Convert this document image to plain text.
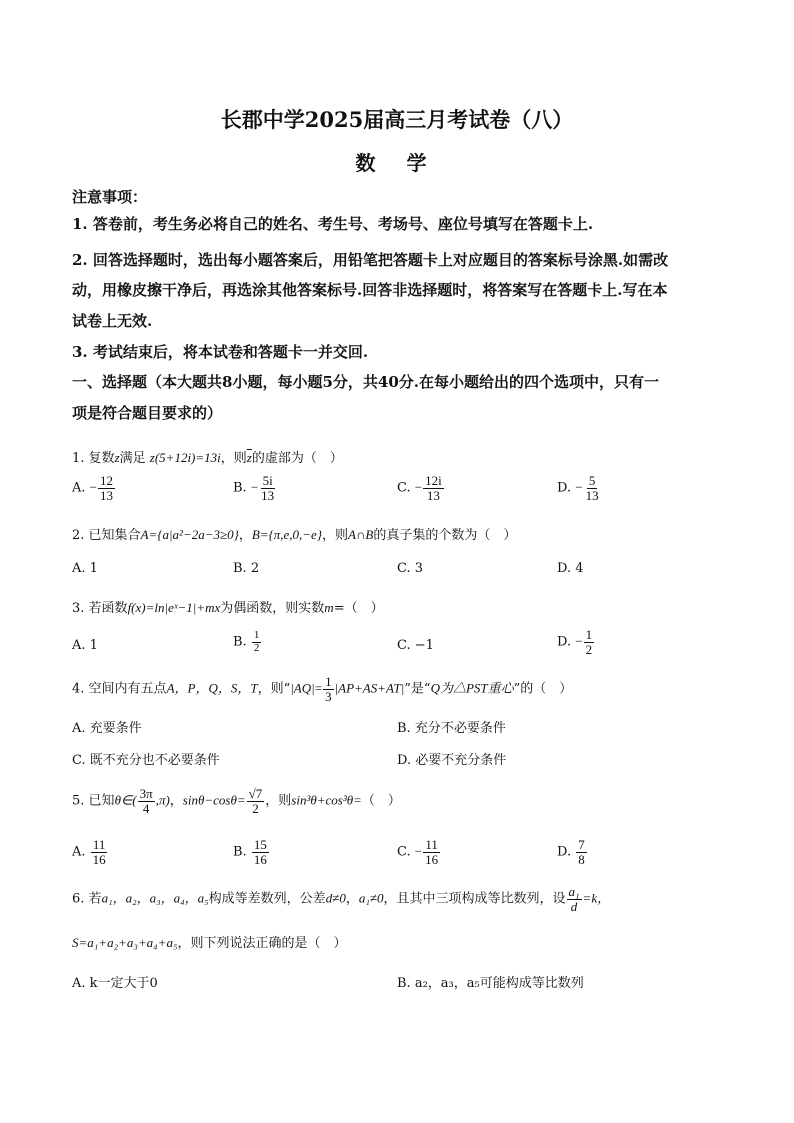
长郡中学2025届高三月考试卷（八）
数 学
注意事项：
1. 答卷前，考生务必将自己的姓名、考生号、考场号、座位号填写在答题卡上.
2. 回答选择题时，选出每小题答案后，用铅笔把答题卡上对应题目的答案标号涂黑.如需改
动，用橡皮擦干净后，再选涂其他答案标号.回答非选择题时，将答案写在答题卡上.写在本
试卷上无效.
3. 考试结束后，将本试卷和答题卡一并交回.
一、选择题（本大题共8小题，每小题5分，共40分.在每小题给出的四个选项中，只有一
项是符合题目要求的）
1. 复数z满足 z(5+12i)=13i，则$\overline{z}$的虚部为（　）
A. − $\frac{12}{13}$	B. − $\frac{5i}{13}$	C. − $\frac{12i}{13}$	D. − $\frac{5}{13}$
2. 已知集合A={a|a²−2a−3≥0}，B={π,e,0,−e}，则A∩B的真子集的个数为（　）
A. 1	B. 2	C. 3	D. 4
3. 若函数f(x)=ln|eˣ−1|+mx为偶函数，则实数m=（　）
A. 1	B. $\frac{1}{2}$	C. −1	D. − $\frac{1}{2}$
4. 空间内有五点A，P，Q，S，T，则“$|AQ|= \frac{1}{3} |AP+AS+AT|$”是“Q为△PST重心”的（　）
A. 充要条件	B. 充分不必要条件
C. 既不充分也不必要条件	D. 必要不充分条件
5. 已知θ∈( $\frac{3\pi}{4} ,\pi$)，$\sin\theta-\cos\theta= \frac{√7}{2}$ ，则sin³θ+cos³θ=（　）
A. $\frac{11}{16}$	B. $\frac{15}{16}$	C. − $\frac{11}{16}$	D. $\frac{7}{8}$
6. 若a₁，a₂，a₃，a₄，a₅构成等差数列，公差d≠0，a₁≠0，且其中三项构成等比数列，设 $\frac{\text{a₁}}{d} =k$，
S=a₁+a₂+a₃+a₄+a₅，则下列说法正确的是（　）
A. k一定大于0	B. a₂，a₃，a₅可能构成等比数列
